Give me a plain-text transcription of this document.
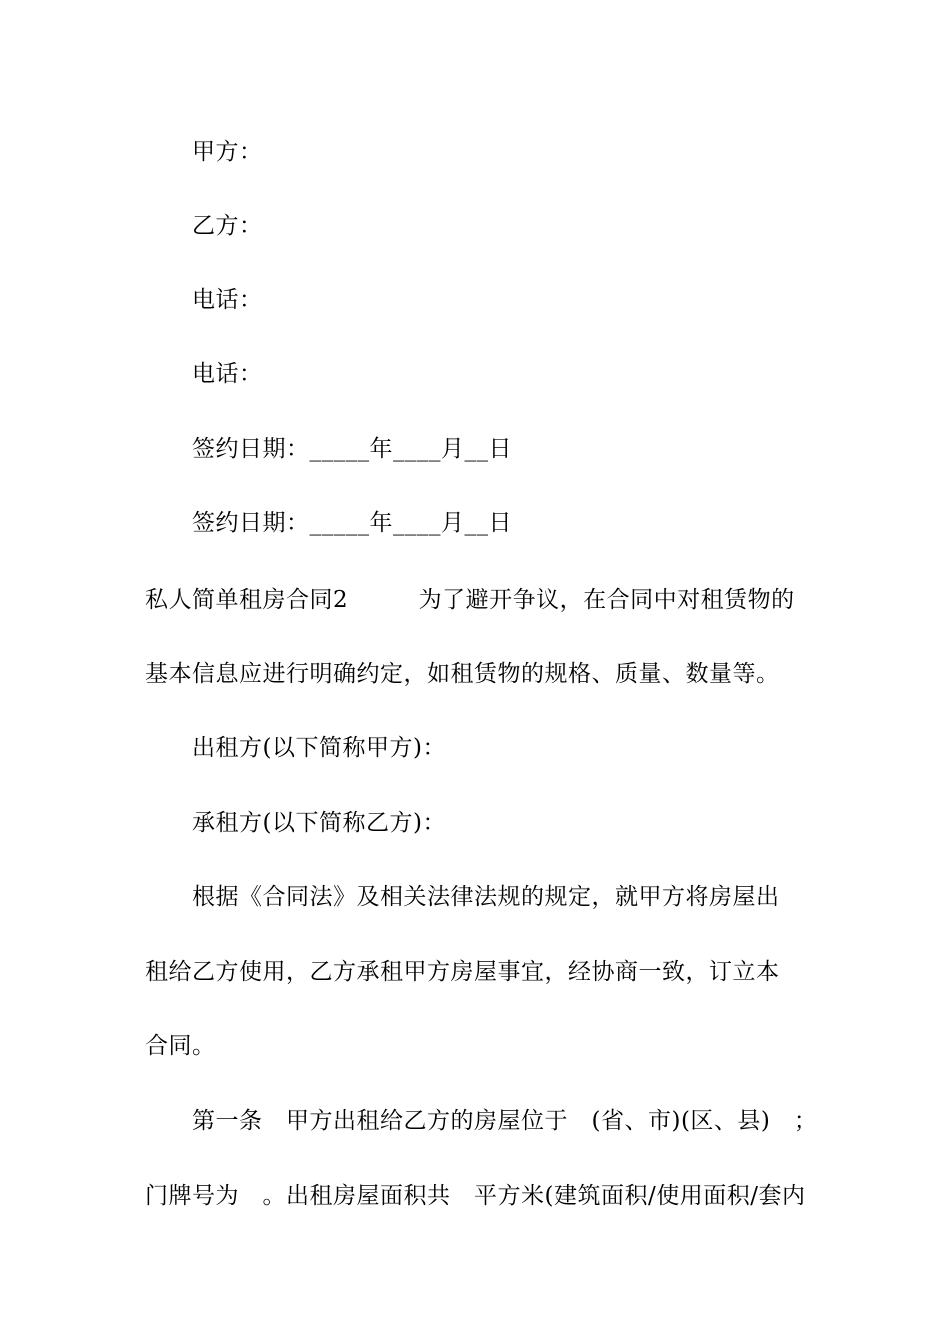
甲方：
乙方：
电话：
电话：
签约日期：_____年____月__日
签约日期：_____年____月__日
私人简单租房合同2　　　为了避开争议，在合同中对租赁物的
基本信息应进行明确约定，如租赁物的规格、质量、数量等。
出租方(以下简称甲方)：
承租方(以下简称乙方)：
根据《合同法》及相关法律法规的规定，就甲方将房屋出
租给乙方使用，乙方承租甲方房屋事宜，经协商一致，订立本
合同。
第一条　甲方出租给乙方的房屋位于　(省、市)(区、县)　；
门牌号为　。出租房屋面积共　平方米(建筑面积/使用面积/套内
